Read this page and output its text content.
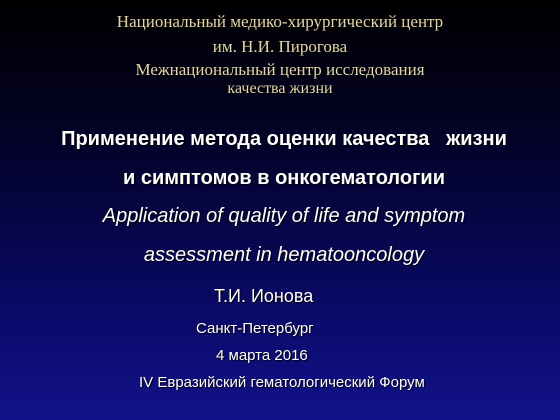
Национальный медико-хирургический центр
им. Н.И. Пирогова
Межнациональный центр исследования
качества жизни
Применение метода оценки качества   жизни
и симптомов в онкогематологии
Application of quality of life and symptom
assessment in hematooncology
Т.И. Ионова
Санкт-Петербург
4 марта 2016
IV Евразийский гематологический Форум
